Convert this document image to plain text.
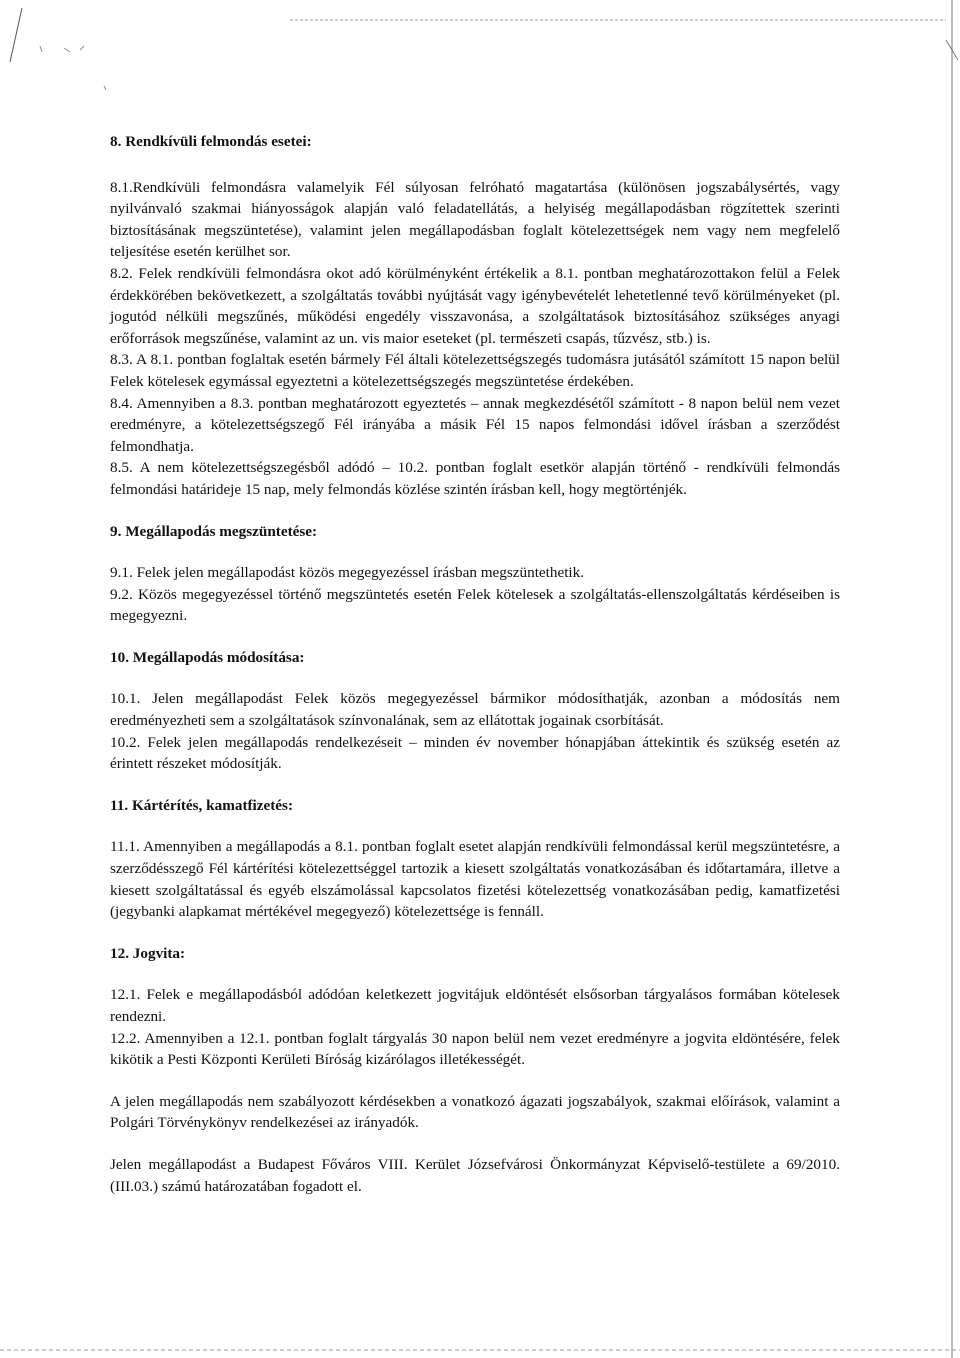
8. Rendkívüli felmondás esetei:

8.1.Rendkívüli felmondásra valamelyik Fél súlyosan felróható magatartása (különösen jogszabálysértés, vagy nyilvánvaló szakmai hiányosságok alapján való feladatellátás, a helyiség megállapodásban rögzítettek szerinti biztosításának megszüntetése), valamint jelen megállapodásban foglalt kötelezettségek nem vagy nem megfelelő teljesítése esetén kerülhet sor.

8.2. Felek rendkívüli felmondásra okot adó körülményként értékelik a 8.1. pontban meghatározottakon felül a Felek érdekkörében bekövetkezett, a szolgáltatás további nyújtását vagy igénybevételét lehetetlenné tevő körülményeket (pl. jogutód nélküli megszűnés, működési engedély visszavonása, a szolgáltatások biztosításához szükséges anyagi erőforrások megszűnése, valamint az un. vis maior eseteket (pl. természeti csapás, tűzvész, stb.) is.

8.3. A 8.1. pontban foglaltak esetén bármely Fél általi kötelezettségszegés tudomásra jutásától számított 15 napon belül Felek kötelesek egymással egyeztetni a kötelezettségszegés megszüntetése érdekében.

8.4. Amennyiben a 8.3. pontban meghatározott egyeztetés – annak megkezdésétől számított - 8 napon belül nem vezet eredményre, a kötelezettségszegő Fél irányába a másik Fél 15 napos felmondási idővel írásban a szerződést felmondhatja.

8.5. A nem kötelezettségszegésből adódó – 10.2. pontban foglalt esetkör alapján történő - rendkívüli felmondás felmondási határideje 15 nap, mely felmondás közlése szintén írásban kell, hogy megtörténjék.

9. Megállapodás megszüntetése:

9.1. Felek jelen megállapodást közös megegyezéssel írásban megszüntethetik.

9.2. Közös megegyezéssel történő megszüntetés esetén Felek kötelesek a szolgáltatás-ellenszolgáltatás kérdéseiben is megegyezni.

10. Megállapodás módosítása:

10.1. Jelen megállapodást Felek közös megegyezéssel bármikor módosíthatják, azonban a módosítás nem eredményezheti sem a szolgáltatások színvonalának, sem az ellátottak jogainak csorbítását.

10.2. Felek jelen megállapodás rendelkezéseit – minden év november hónapjában áttekintik és szükség esetén az érintett részeket módosítják.

11. Kártérítés, kamatfizetés:

11.1. Amennyiben a megállapodás a 8.1. pontban foglalt esetet alapján rendkívüli felmondással kerül megszüntetésre, a szerződésszegő Fél kártérítési kötelezettséggel tartozik a kiesett szolgáltatás vonatkozásában és időtartamára, illetve a kiesett szolgáltatással és egyéb elszámolással kapcsolatos fizetési kötelezettség vonatkozásában pedig, kamatfizetési (jegybanki alapkamat mértékével megegyező) kötelezettsége is fennáll.

12. Jogvita:

12.1. Felek e megállapodásból adódóan keletkezett jogvitájuk eldöntését elsősorban tárgyalásos formában kötelesek rendezni.

12.2. Amennyiben a 12.1. pontban foglalt tárgyalás 30 napon belül nem vezet eredményre a jogvita eldöntésére, felek kikötik a Pesti Központi Kerületi Bíróság kizárólagos illetékességét.

A jelen megállapodás nem szabályozott kérdésekben a vonatkozó ágazati jogszabályok, szakmai előírások, valamint a Polgári Törvénykönyv rendelkezései az irányadók.

Jelen megállapodást a Budapest Főváros VIII. Kerület Józsefvárosi Önkormányzat Képviselő-testülete a 69/2010. (III.03.) számú határozatában fogadott el.
